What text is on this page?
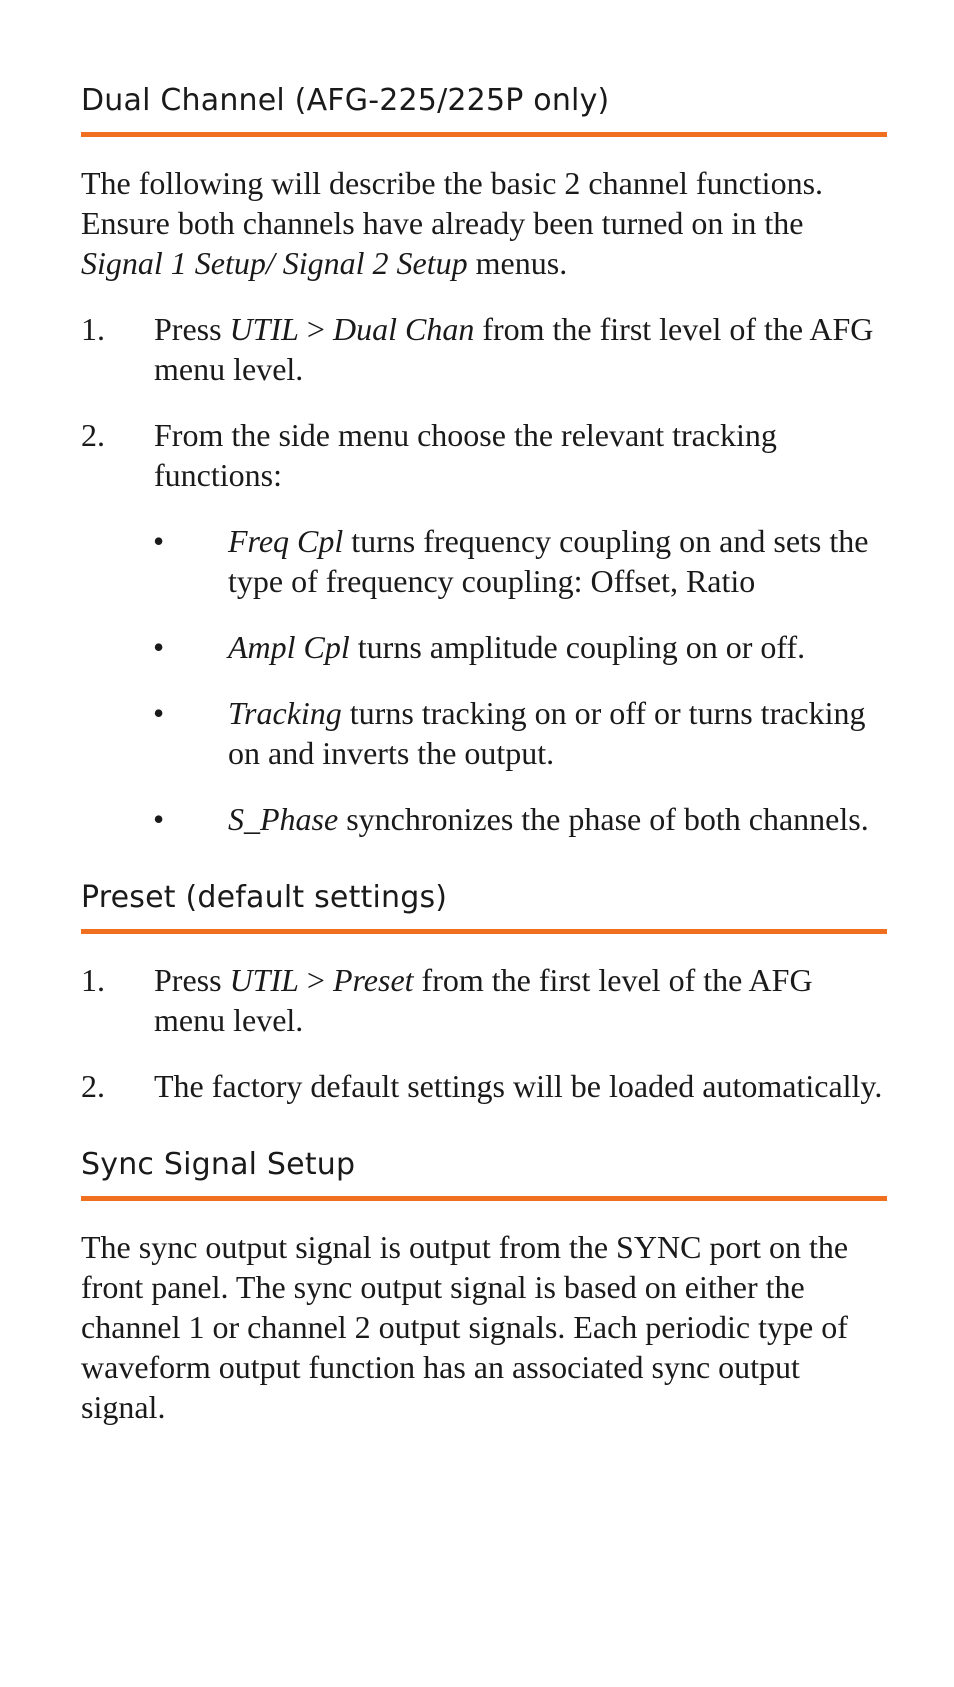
Dual Channel (AFG-225/225P only)

The following will describe the basic 2 channel functions. Ensure both channels have already been turned on in the Signal 1 Setup/ Signal 2 Setup menus.

1. Press UTIL > Dual Chan from the first level of the AFG menu level.
2. From the side menu choose the relevant tracking functions:
• Freq Cpl turns frequency coupling on and sets the type of frequency coupling: Offset, Ratio
• Ampl Cpl turns amplitude coupling on or off.
• Tracking turns tracking on or off or turns tracking on and inverts the output.
• S_Phase synchronizes the phase of both channels.
Preset (default settings)
1. Press UTIL > Preset from the first level of the AFG menu level.
2. The factory default settings will be loaded automatically.
Sync Signal Setup

The sync output signal is output from the SYNC port on the front panel. The sync output signal is based on either the channel 1 or channel 2 output signals. Each periodic type of waveform output function has an associated sync output signal.
